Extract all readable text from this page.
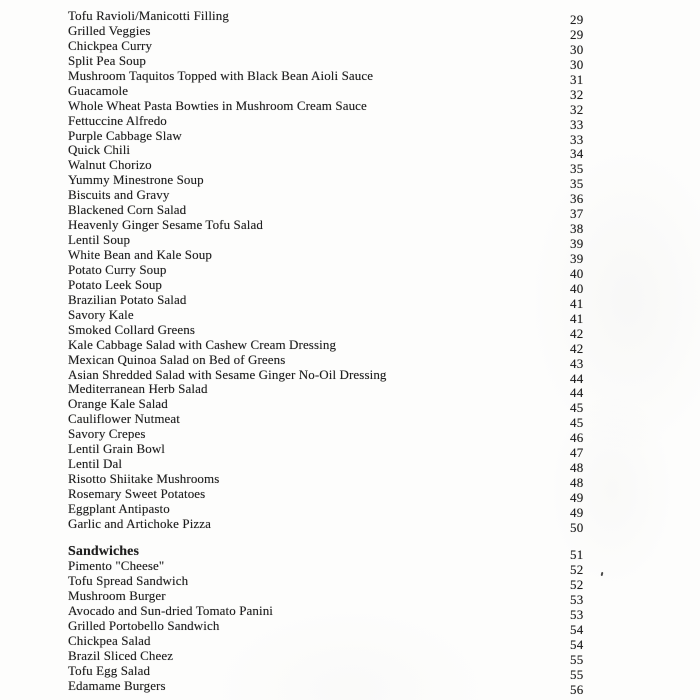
Tofu Ravioli/Manicotti Filling	29
Grilled Veggies	29
Chickpea Curry	30
Split Pea Soup	30
Mushroom Taquitos Topped with Black Bean Aioli Sauce	31
Guacamole	32
Whole Wheat Pasta Bowties in Mushroom Cream Sauce	32
Fettuccine Alfredo	33
Purple Cabbage Slaw	33
Quick Chili	34
Walnut Chorizo	35
Yummy Minestrone Soup	35
Biscuits and Gravy	36
Blackened Corn Salad	37
Heavenly Ginger Sesame Tofu Salad	38
Lentil Soup	39
White Bean and Kale Soup	39
Potato Curry Soup	40
Potato Leek Soup	40
Brazilian Potato Salad	41
Savory Kale	41
Smoked Collard Greens	42
Kale Cabbage Salad with Cashew Cream Dressing	42
Mexican Quinoa Salad on Bed of Greens	43
Asian Shredded Salad with Sesame Ginger No-Oil Dressing	44
Mediterranean Herb Salad	44
Orange Kale Salad	45
Cauliflower Nutmeat	45
Savory Crepes	46
Lentil Grain Bowl	47
Lentil Dal	48
Risotto Shiitake Mushrooms	48
Rosemary Sweet Potatoes	49
Eggplant Antipasto	49
Garlic and Artichoke Pizza	50
Sandwiches	51
Pimento "Cheese"	52
Tofu Spread Sandwich	52
Mushroom Burger	53
Avocado and Sun-dried Tomato Panini	53
Grilled Portobello Sandwich	54
Chickpea Salad	54
Brazil Sliced Cheez	55
Tofu Egg Salad	55
Edamame Burgers	56
